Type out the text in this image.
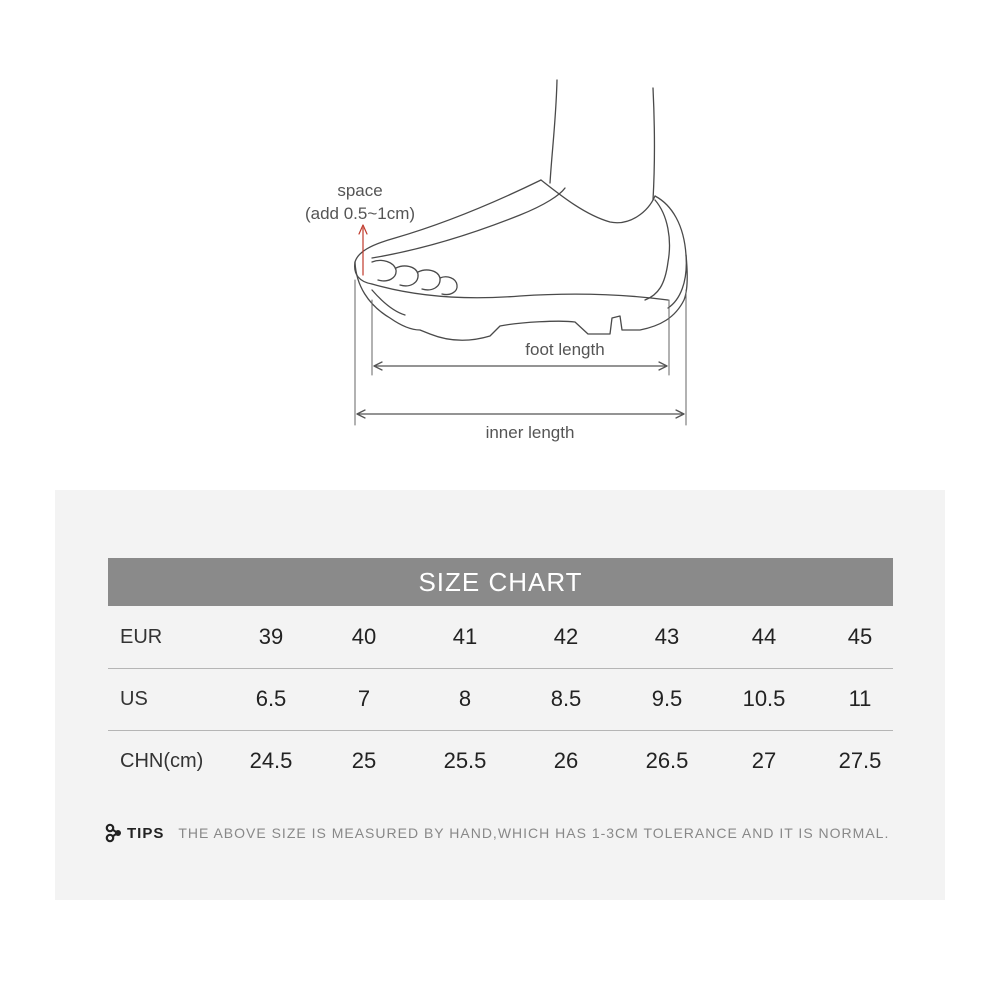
space
(add 0.5~1cm)
foot length
inner length
SIZE CHART
EUR	39	40	41	42	43	44	45
US	6.5	7	8	8.5	9.5	10.5	11
CHN(cm)	24.5	25	25.5	26	26.5	27	27.5
TIPS THE ABOVE SIZE IS MEASURED BY HAND,WHICH HAS 1-3CM TOLERANCE AND IT IS NORMAL.
